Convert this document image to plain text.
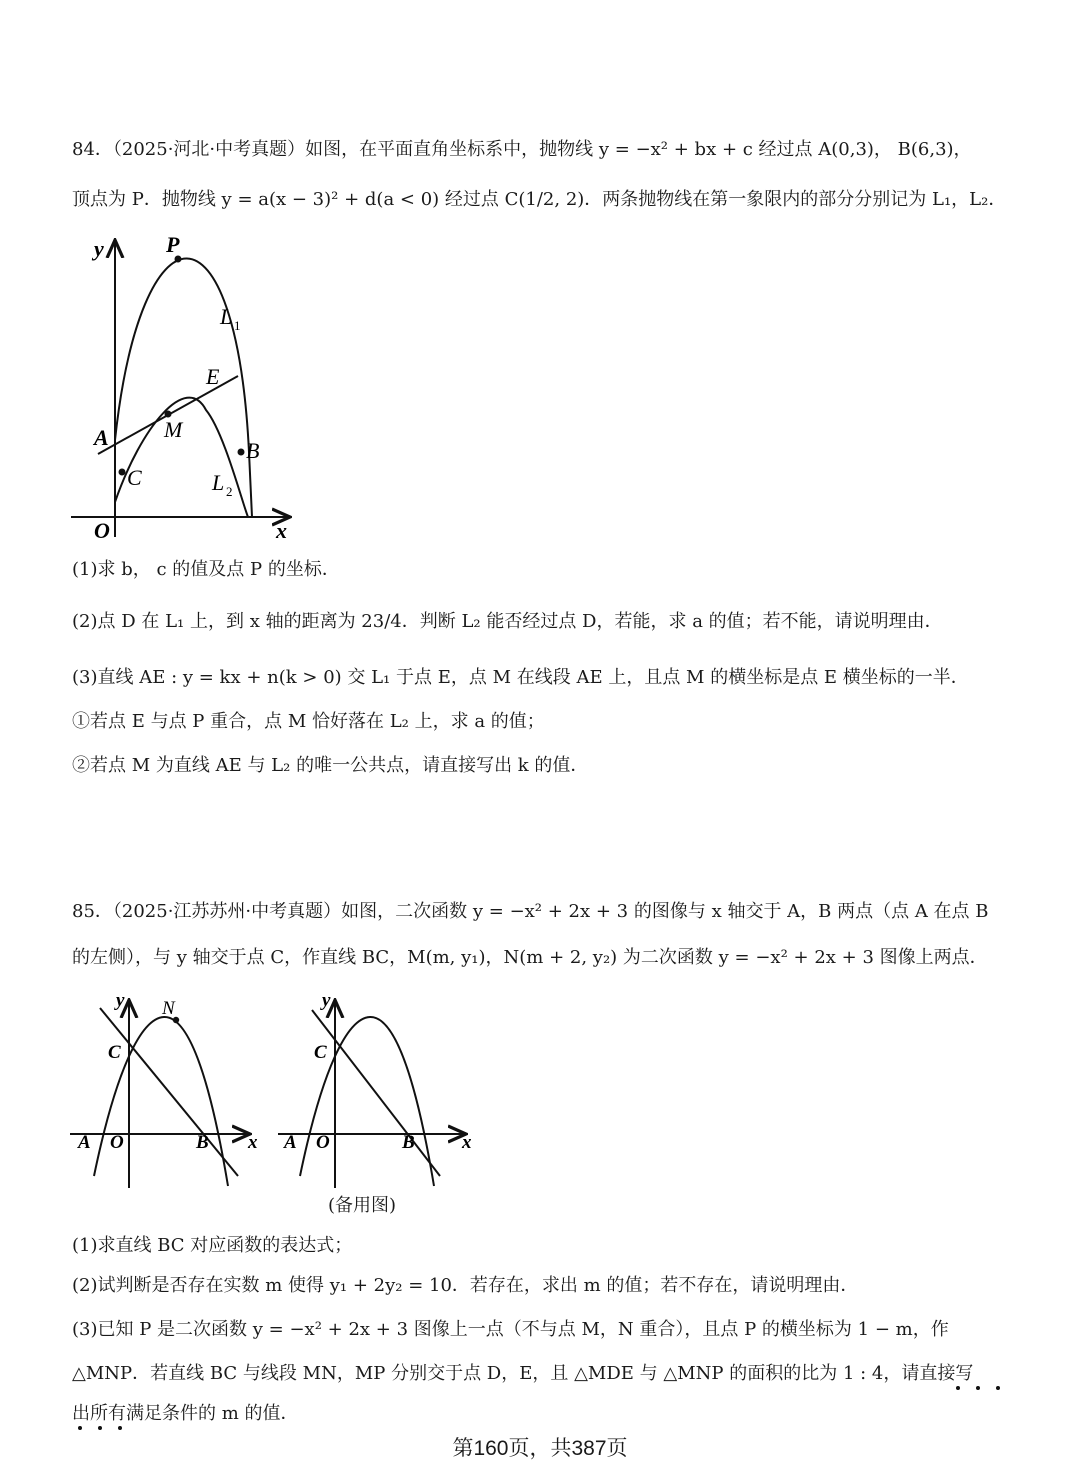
84．（2025·河北·中考真题）如图，在平面直角坐标系中，抛物线 y = −x² + bx + c 经过点 A(0,3)， B(6,3)，
顶点为 P．抛物线 y = a(x − 3)² + d(a < 0) 经过点 C(1/2, 2)．两条抛物线在第一象限内的部分分别记为 L₁，L₂．
y
x
O
P
L 1
E
A	M
B
C	L 2
(1)求 b， c 的值及点 P 的坐标．
(2)点 D 在 L₁ 上，到 x 轴的距离为 23/4．判断 L₂ 能否经过点 D，若能，求 a 的值；若不能，请说明理由．
(3)直线 AE : y = kx + n(k > 0) 交 L₁ 于点 E，点 M 在线段 AE 上，且点 M 的横坐标是点 E 横坐标的一半．
①若点 E 与点 P 重合，点 M 恰好落在 L₂ 上，求 a 的值；
②若点 M 为直线 AE 与 L₂ 的唯一公共点，请直接写出 k 的值．
85．（2025·江苏苏州·中考真题）如图，二次函数 y = −x² + 2x + 3 的图像与 x 轴交于 A，B 两点（点 A 在点 B
的左侧），与 y 轴交于点 C，作直线 BC，M(m, y₁)，N(m + 2, y₂) 为二次函数 y = −x² + 2x + 3 图像上两点．
y
x
O
A	B
C
N	y
x
O
A	B
C
(备用图)
(1)求直线 BC 对应函数的表达式；
(2)试判断是否存在实数 m 使得 y₁ + 2y₂ = 10．若存在，求出 m 的值；若不存在，请说明理由．
(3)已知 P 是二次函数 y = −x² + 2x + 3 图像上一点（不与点 M，N 重合），且点 P 的横坐标为 1 − m，作
△MNP．若直线 BC 与线段 MN，MP 分别交于点 D，E，且 △MDE 与 △MNP 的面积的比为 1 : 4，请直接写
出所有满足条件的 m 的值．
第160页，共387页
